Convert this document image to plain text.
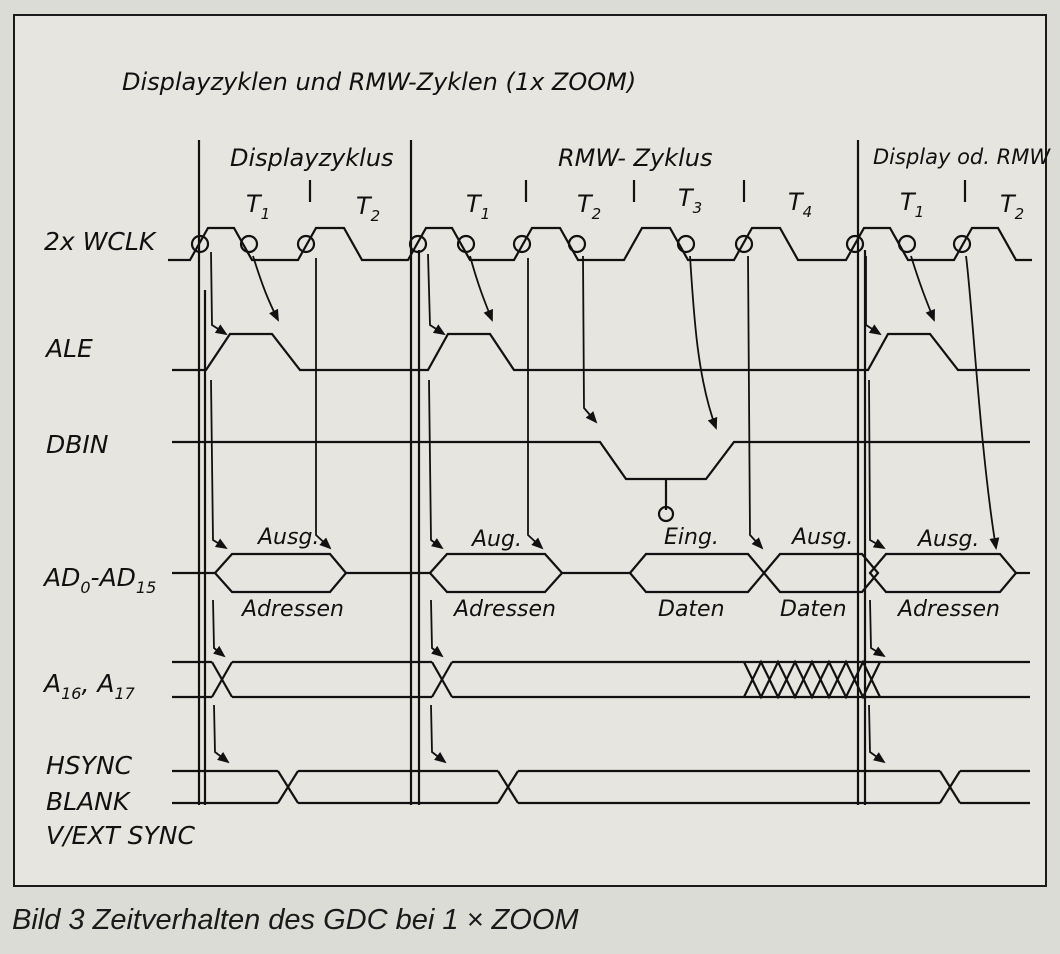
Displayzyklen und RMW-Zyklen (1x ZOOM)
Displayzyklus	RMW- Zyklus	Display od. RMW
$T_1$	$T_2$	$T_1$	$T_2$
$T_3$	$T_4$	$T_1$	$T_2$
2x WCLK
ALE
DBIN
$AD_0-AD_{15}$
$A_{16}$, $A_{17}$
HSYNC
BLANK
V/EXT SYNC
Ausg.	Aug.	Eing.	Ausg.	Ausg.
Adressen	Adressen	Daten	Daten Adressen
Bild 3 Zeitverhalten des GDC bei 1 × ZOOM
